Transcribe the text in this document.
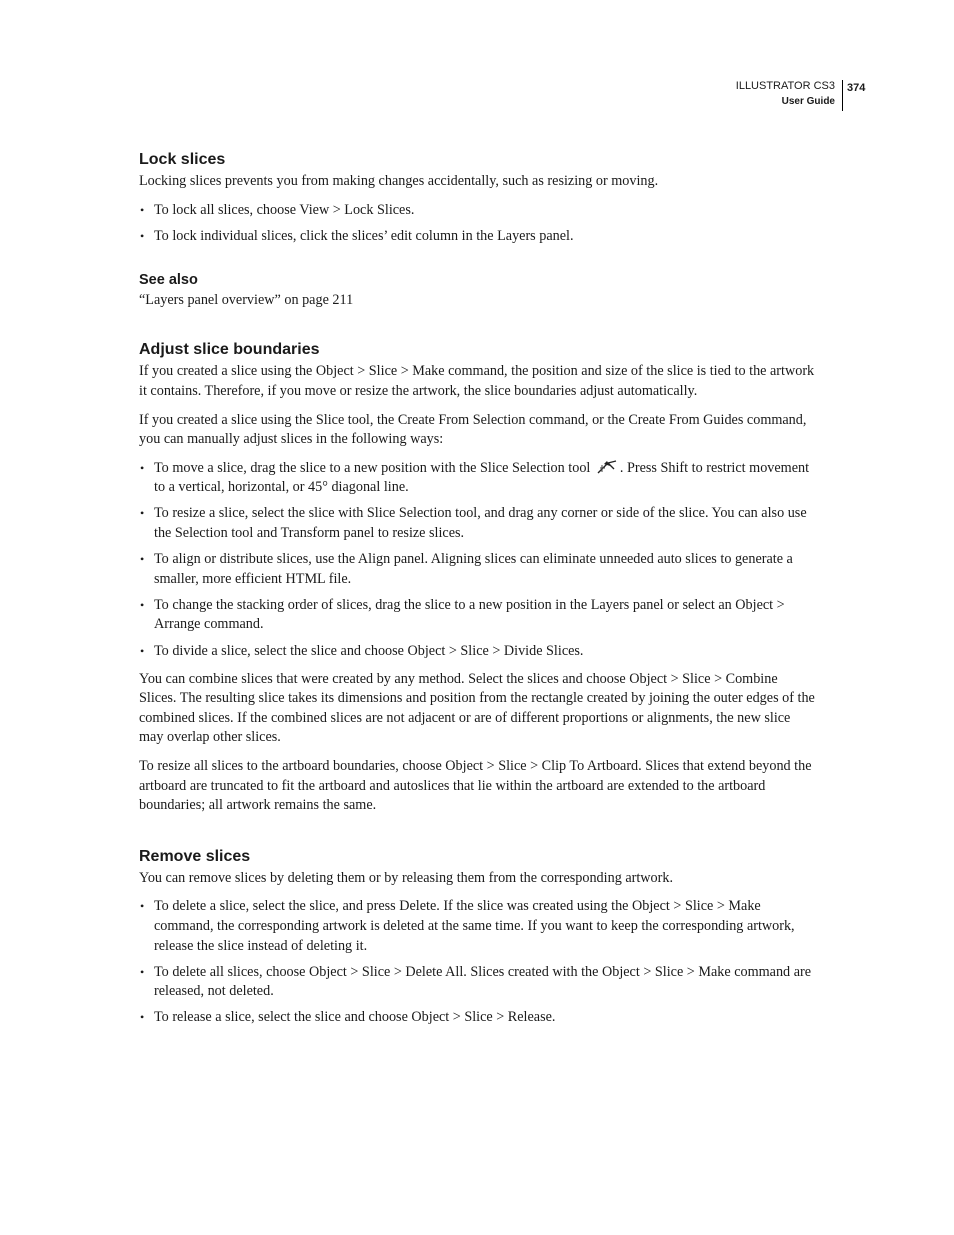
ILLUSTRATOR CS3
User Guide
374
Lock slices

Locking slices prevents you from making changes accidentally, such as resizing or moving.

• To lock all slices, choose View > Lock Slices.
• To lock individual slices, click the slices’ edit column in the Layers panel.
See also

“Layers panel overview” on page 211

Adjust slice boundaries

If you created a slice using the Object > Slice > Make command, the position and size of the slice is tied to the artwork it contains. Therefore, if you move or resize the artwork, the slice boundaries adjust automatically.

If you created a slice using the Slice tool, the Create From Selection command, or the Create From Guides command, you can manually adjust slices in the following ways:

• To move a slice, drag the slice to a new position with the Slice Selection tool . Press Shift to restrict movement to a vertical, horizontal, or 45° diagonal line.
• To resize a slice, select the slice with Slice Selection tool, and drag any corner or side of the slice. You can also use the Selection tool and Transform panel to resize slices.
• To align or distribute slices, use the Align panel. Aligning slices can eliminate unneeded auto slices to generate a smaller, more efficient HTML file.
• To change the stacking order of slices, drag the slice to a new position in the Layers panel or select an Object > Arrange command.
• To divide a slice, select the slice and choose Object > Slice > Divide Slices.

You can combine slices that were created by any method. Select the slices and choose Object > Slice > Combine Slices. The resulting slice takes its dimensions and position from the rectangle created by joining the outer edges of the combined slices. If the combined slices are not adjacent or are of different proportions or alignments, the new slice may overlap other slices.

To resize all slices to the artboard boundaries, choose Object > Slice > Clip To Artboard. Slices that extend beyond the artboard are truncated to fit the artboard and autoslices that lie within the artboard are extended to the artboard boundaries; all artwork remains the same.

Remove slices

You can remove slices by deleting them or by releasing them from the corresponding artwork.

• To delete a slice, select the slice, and press Delete. If the slice was created using the Object > Slice > Make command, the corresponding artwork is deleted at the same time. If you want to keep the corresponding artwork, release the slice instead of deleting it.
• To delete all slices, choose Object > Slice > Delete All. Slices created with the Object > Slice > Make command are released, not deleted.
• To release a slice, select the slice and choose Object > Slice > Release.
